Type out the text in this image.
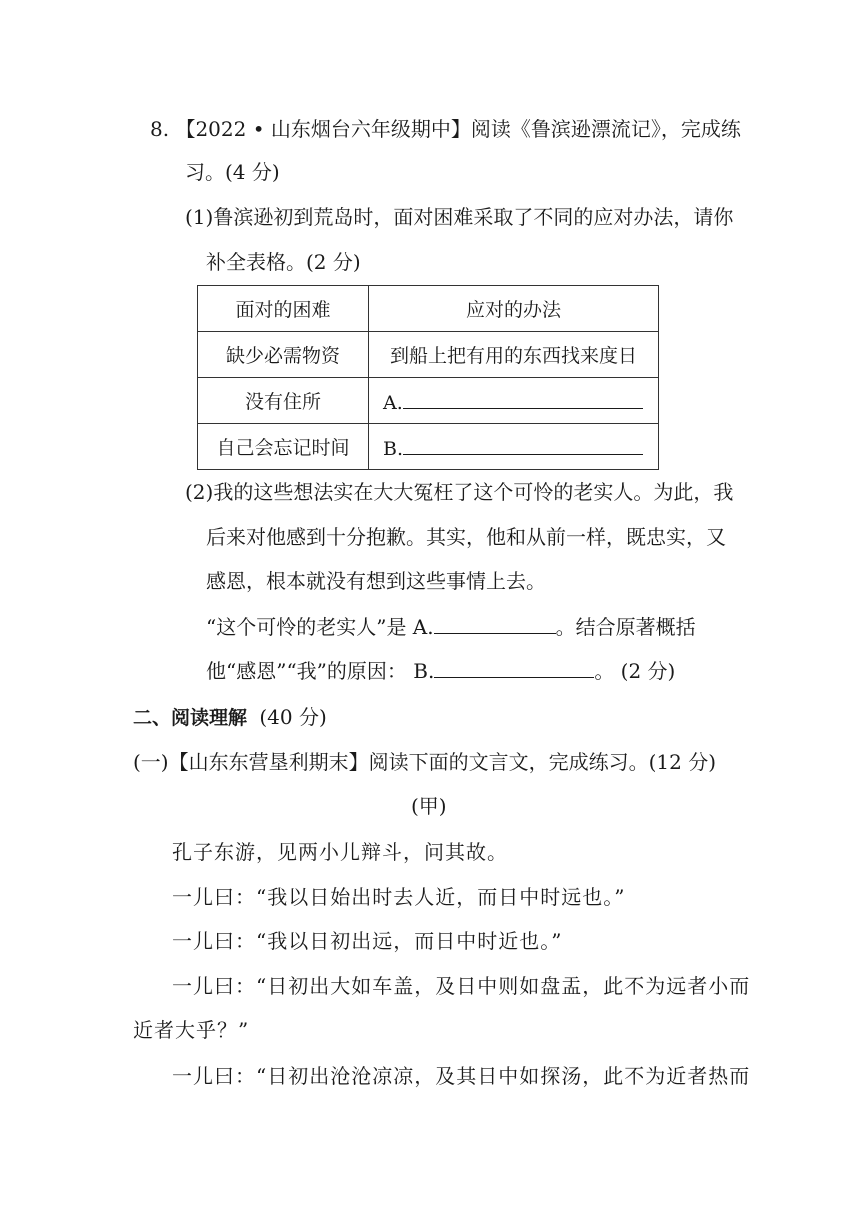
8. 【2022 • 山东烟台六年级期中】阅读《鲁滨逊漂流记》，完成练
习。(4 分)
(1)鲁滨逊初到荒岛时，面对困难采取了不同的应对办法，请你
补全表格。(2 分)
面对的困难	应对的办法
缺少必需物资	到船上把有用的东西找来度日
没有住所	A.
自己会忘记时间	B.
(2)我的这些想法实在大大冤枉了这个可怜的老实人。为此，我
后来对他感到十分抱歉。其实，他和从前一样，既忠实，又
感恩，根本就没有想到这些事情上去。
“这个可怜的老实人”是 A.	。结合原著概括
他“感恩”“我”的原因： B.	。 (2 分)
二、阅读理解 (40 分)
(一)【山东东营垦利期末】阅读下面的文言文，完成练习。(12 分)
(甲)
孔子东游，见两小儿辩斗，问其故。
一儿曰：“我以日始出时去人近，而日中时远也。”
一儿曰：“我以日初出远，而日中时近也。”
一儿曰：“日初出大如车盖，及日中则如盘盂，此不为远者小而
近者大乎？”
一儿曰：“日初出沧沧凉凉，及其日中如探汤，此不为近者热而
